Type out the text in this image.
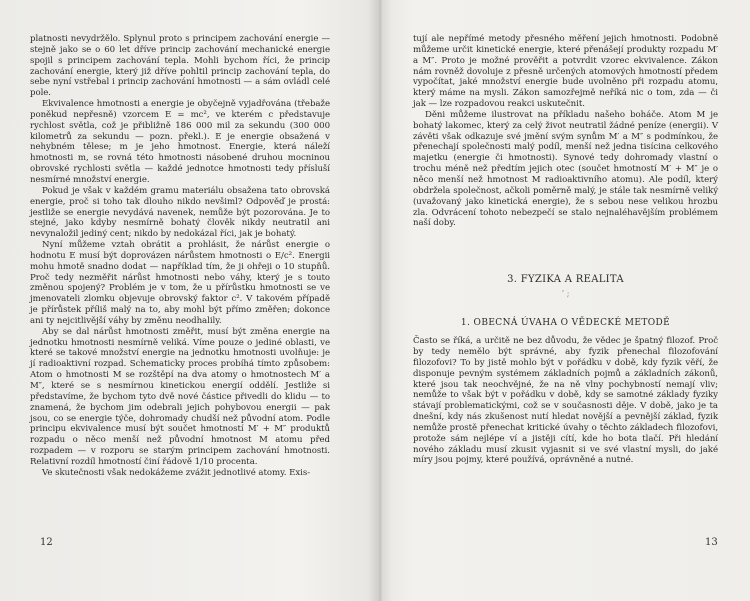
platnosti nevydržělo. Splynul proto s principem zachování energie — stejně jako se o 60 let dříve princip zachování mechanické energie spojil s principem zachování tepla. Mohli bychom říci, že princip zachování energie, který již dříve pohltil princip zachování tepla, do sebe nyní vstřebal i princip zachování hmotnosti — a sám ovládl celé pole.

Ekvivalence hmotnosti a energie je obyčejně vyjadřována (třebaže poněkud nepřesně) vzorcem E = mc², ve kterém c představuje rychlost světla, což je přibližně 186 000 mil za sekundu (300 000 kilometrů za sekundu — pozn. překl.). E je energie obsažená v nehybném tělese; m je jeho hmotnost. Energie, která náleží hmotnosti m, se rovná této hmotnosti násobené druhou mocninou obrovské rychlosti světla — každé jednotce hmotnosti tedy přísluší nesmírné množství energie.

Pokud je však v každém gramu materiálu obsažena tato obrovská energie, proč si toho tak dlouho nikdo nevšiml? Odpověď je prostá: jestliže se energie nevydává navenek, nemůže být pozorována. Je to stejné, jako kdyby nesmírně bohatý člověk nikdy neutratil ani nevynaložil jediný cent; nikdo by nedokázal říci, jak je bohatý.

Nyní můžeme vztah obrátit a prohlásit, že nárůst energie o hodnotu E musí být doprovázen nárůstem hmotnosti o E/c². Energii mohu hmotě snadno dodat — například tím, že ji ohřeji o 10 stupňů. Proč tedy nezměřit nárůst hmotnosti nebo váhy, který je s touto změnou spojený? Problém je v tom, že u přírůstku hmotnosti se ve jmenovateli zlomku objevuje obrovský faktor c². V takovém případě je přírůstek příliš malý na to, aby mohl být přímo změřen; dokonce ani ty nejcitlivější váhy by změnu neodhalily.

Aby se dal nárůst hmotnosti změřit, musí být změna energie na jednotku hmotnosti nesmírně veliká. Víme pouze o jediné oblasti, ve které se takové množství energie na jednotku hmotnosti uvolňuje: je jí radioaktivní rozpad. Schematicky proces probíhá tímto způsobem: Atom o hmotnosti M se rozštěpí na dva atomy o hmotnostech M′ a M″, které se s nesmírnou kinetickou energií oddělí. Jestliže si představíme, že bychom tyto dvě nové částice přivedli do klidu — to znamená, že bychom jim odebrali jejich pohybovou energii — pak jsou, co se energie týče, dohromady chudší než původní atom. Podle principu ekvivalence musí být součet hmotností M′ + M″ produktů rozpadu o něco menší než původní hmotnost M atomu před rozpadem — v rozporu se starým principem zachování hmotnosti. Relativní rozdíl hmotností činí řádově 1/10 procenta.

Ve skutečnosti však nedokážeme zvážit jednotlivé atomy. Exis-

12

tují ale nepřímé metody přesného měření jejich hmotnosti. Podobně můžeme určit kinetické energie, které přenášejí produkty rozpadu M′ a M″. Proto je možné prověřit a potvrdit vzorec ekvivalence. Zákon nám rovněž dovoluje z přesně určených atomových hmotností předem vypočítat, jaké množství energie bude uvolněno při rozpadu atomu, který máme na mysli. Zákon samozřejmě neříká nic o tom, zda — či jak — lze rozpadovou reakci uskutečnit.

Děni můžeme ilustrovat na příkladu našeho boháče. Atom M je bohatý lakomec, který za celý život neutratil žádné peníze (energii). V závěti však odkazuje své jmění svým synům M′ a M″ s podmínkou, že přenechají společnosti malý podíl, menší než jedna tisícina celkového majetku (energie či hmotnosti). Synové tedy dohromady vlastní o trochu méně než předtím jejich otec (součet hmotností M′ + M″ je o něco menší než hmotnost M radioaktivního atomu). Ale podíl, který obdržela společnost, ačkoli poměrně malý, je stále tak nesmírně veliký (uvažovaný jako kinetická energie), že s sebou nese velikou hrozbu zla. Odvrácení tohoto nebezpečí se stalo nejnaléhavějším problémem naší doby.

3. FYZIKA A REALITA
’ ;
1. OBECNÁ ÚVAHA O VĚDECKÉ METODĚ

Často se říká, a určitě ne bez důvodu, že vědec je špatný filozof. Proč by tedy nemělo být správné, aby fyzik přenechal filozofování filozofovi? To by jistě mohlo být v pořádku v době, kdy fyzik věří, že disponuje pevným systémem základních pojmů a základních zákonů, které jsou tak neochvějné, že na ně vlny pochybností nemají vliv; nemůže to však být v pořádku v době, kdy se samotné základy fyziky stávají problematickými, což se v současnosti děje. V době, jako je ta dnešní, kdy nás zkušenost nutí hledat novější a pevnější základ, fyzik nemůže prostě přenechat kritické úvahy o těchto základech filozofovi, protože sám nejlépe ví a jistěji cítí, kde ho bota tlačí. Při hledání nového základu musí zkusit vyjasnit si ve své vlastní mysli, do jaké míry jsou pojmy, které používá, oprávněné a nutné.

13
